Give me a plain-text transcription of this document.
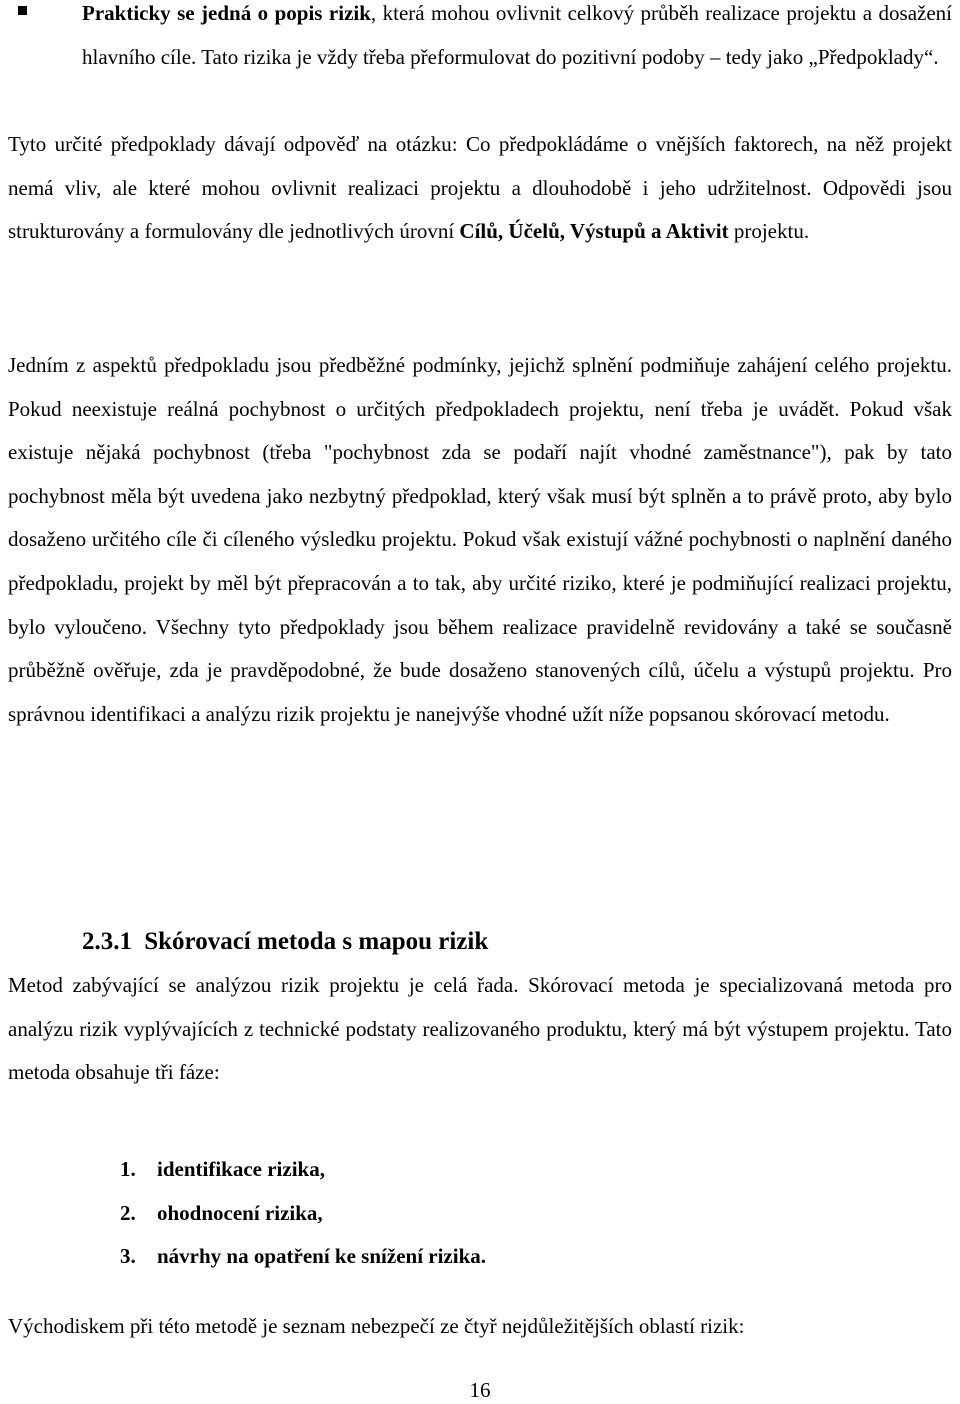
Prakticky se jedná o popis rizik, která mohou ovlivnit celkový průběh realizace projektu a dosažení hlavního cíle. Tato rizika je vždy třeba přeformulovat do pozitivní podoby – tedy jako „Předpoklady“.

Tyto určité předpoklady dávají odpověď na otázku: Co předpokládáme o vnějších faktorech, na něž projekt nemá vliv, ale které mohou ovlivnit realizaci projektu a dlouhodobě i jeho udržitelnost. Odpovědi jsou strukturovány a formulovány dle jednotlivých úrovní Cílů, Účelů, Výstupů a Aktivit projektu.

Jedním z aspektů předpokladu jsou předběžné podmínky, jejichž splnění podmiňuje zahájení celého projektu. Pokud neexistuje reálná pochybnost o určitých předpokladech projektu, není třeba je uvádět. Pokud však existuje nějaká pochybnost (třeba "pochybnost zda se podaří najít vhodné zaměstnance"), pak by tato pochybnost měla být uvedena jako nezbytný předpoklad, který však musí být splněn a to právě proto, aby bylo dosaženo určitého cíle či cíleného výsledku projektu. Pokud však existují vážné pochybnosti o naplnění daného předpokladu, projekt by měl být přepracován a to tak, aby určité riziko, které je podmiňující realizaci projektu, bylo vyloučeno. Všechny tyto předpoklady jsou během realizace pravidelně revidovány a také se současně průběžně ověřuje, zda je pravděpodobné, že bude dosaženo stanovených cílů, účelu a výstupů projektu. Pro správnou identifikaci a analýzu rizik projektu je nanejvýše vhodné užít níže popsanou skórovací metodu.

2.3.1 Skórovací metoda s mapou rizik

Metod zabývající se analýzou rizik projektu je celá řada. Skórovací metoda je specializovaná metoda pro analýzu rizik vyplývajících z technické podstaty realizovaného produktu, který má být výstupem projektu. Tato metoda obsahuje tři fáze:

1. identifikace rizika,
2. ohodnocení rizika,
3. návrhy na opatření ke snížení rizika.

Východiskem při této metodě je seznam nebezpečí ze čtyř nejdůležitějších oblastí rizik:

16
